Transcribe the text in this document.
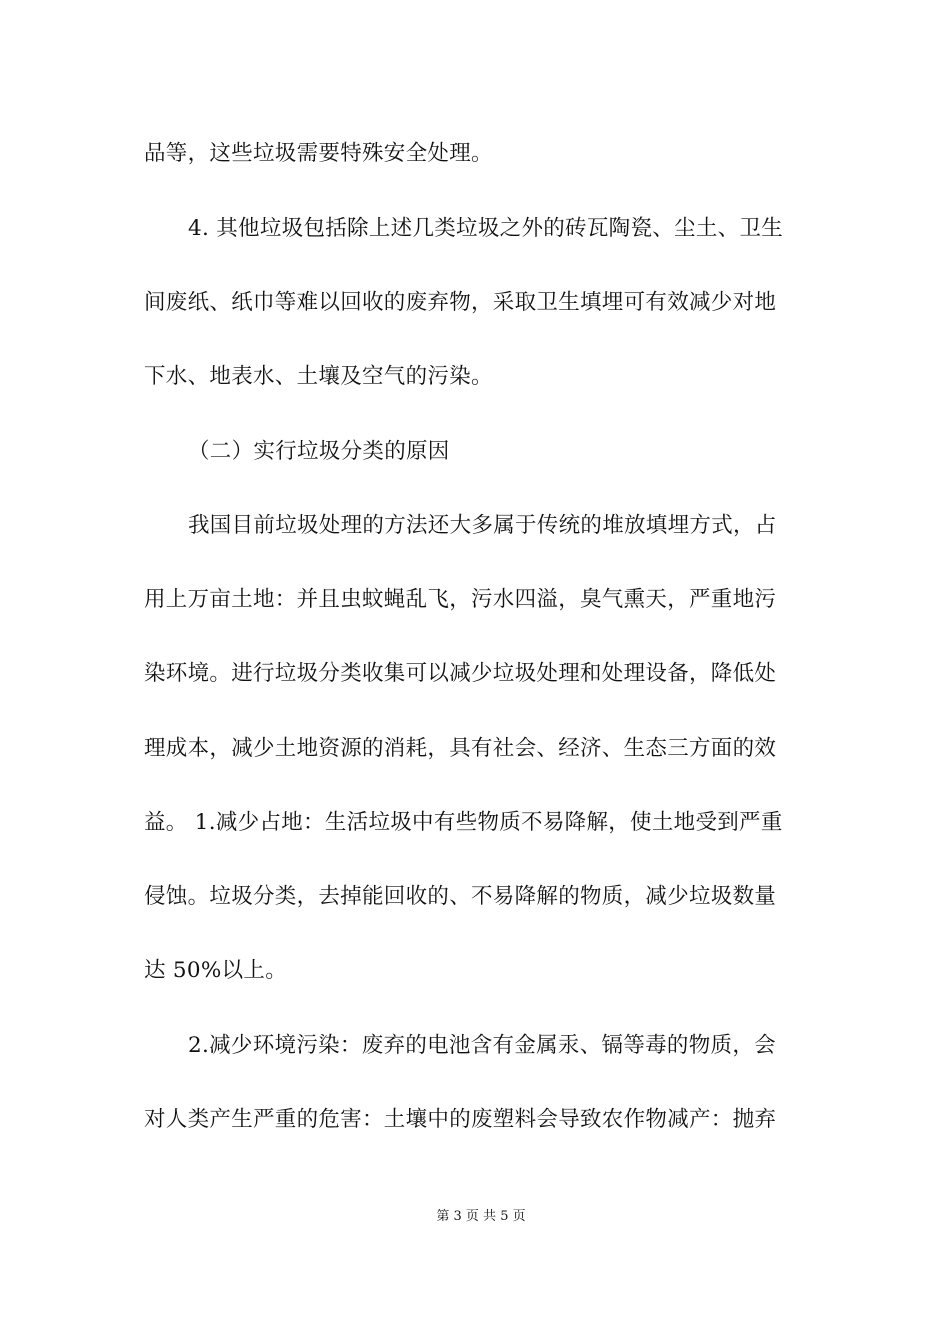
品等，这些垃圾需要特殊安全处理。
4. 其他垃圾包括除上述几类垃圾之外的砖瓦陶瓷、尘土、卫生
间废纸、纸巾等难以回收的废弃物，采取卫生填埋可有效减少对地
下水、地表水、土壤及空气的污染。
（二）实行垃圾分类的原因
我国目前垃圾处理的方法还大多属于传统的堆放填埋方式，占
用上万亩土地：并且虫蚊蝇乱飞，污水四溢，臭气熏天，严重地污
染环境。进行垃圾分类收集可以减少垃圾处理和处理设备，降低处
理成本，减少土地资源的消耗，具有社会、经济、生态三方面的效
益。 1.减少占地：生活垃圾中有些物质不易降解，使土地受到严重
侵蚀。垃圾分类，去掉能回收的、不易降解的物质，减少垃圾数量
达 50%以上。
2.减少环境污染：废弃的电池含有金属汞、镉等毒的物质，会
对人类产生严重的危害：土壤中的废塑料会导致农作物减产：抛弃
第 3 页 共 5 页
